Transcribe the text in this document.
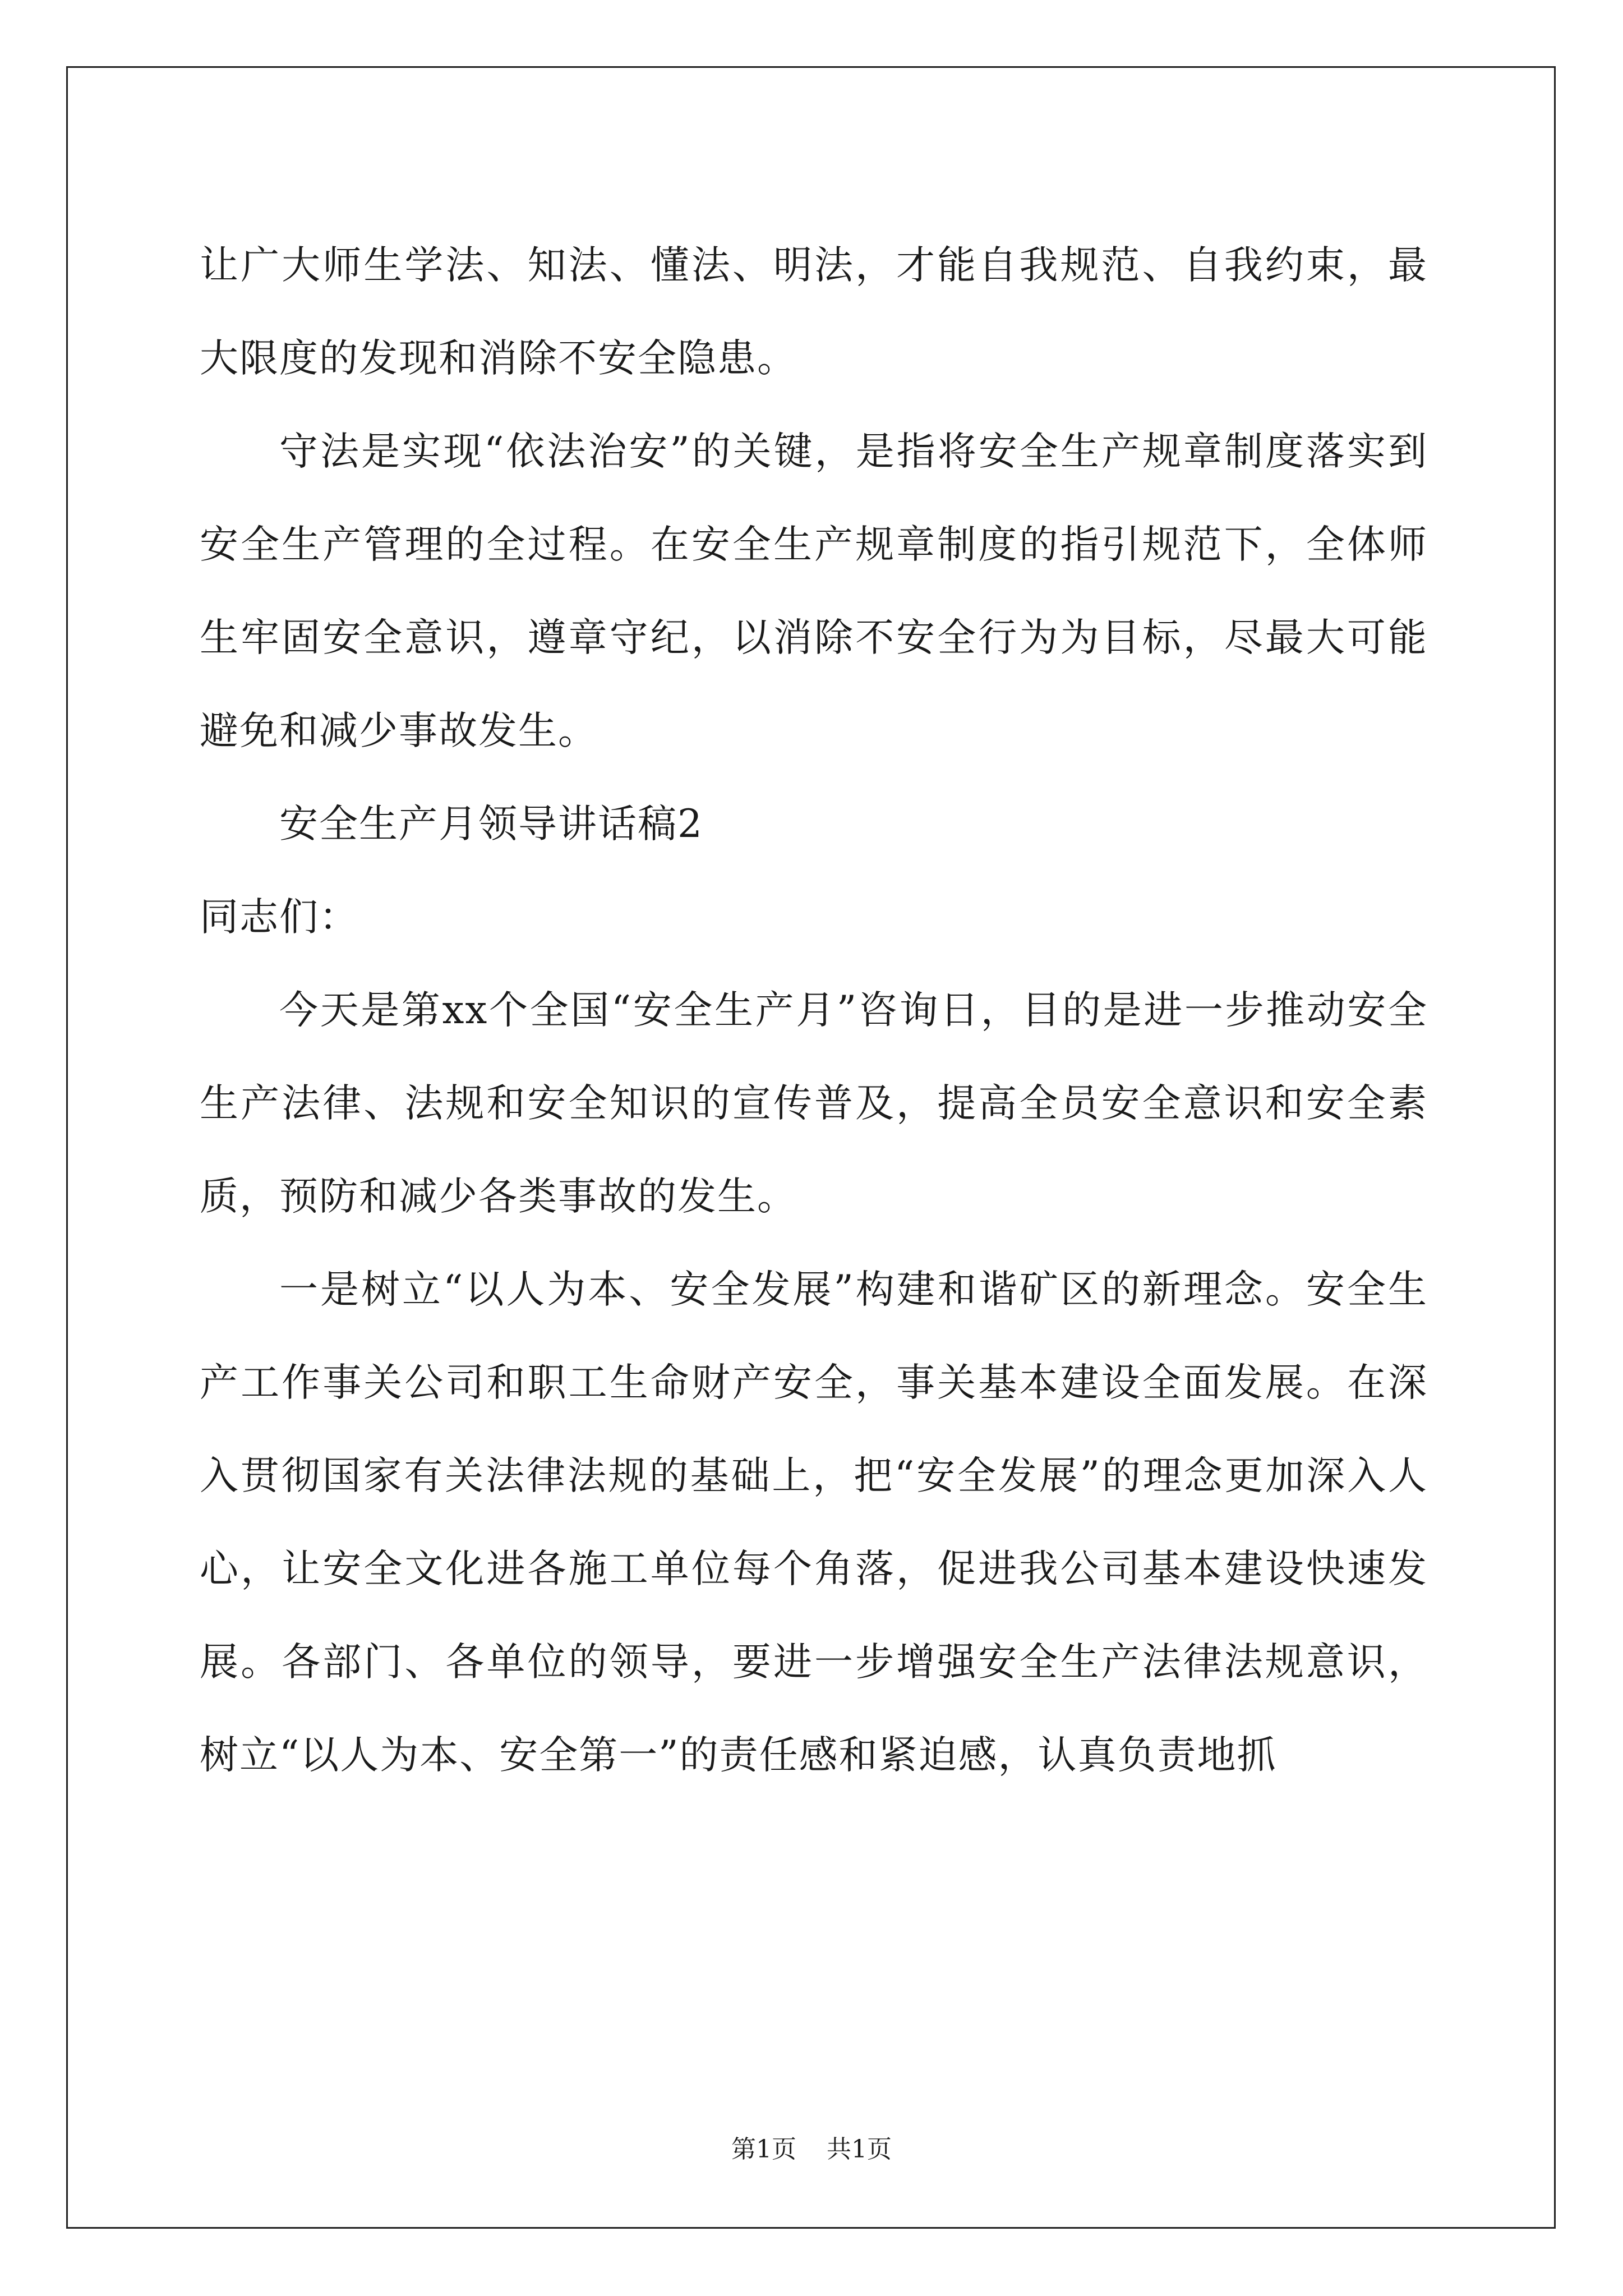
让广大师生学法、知法、懂法、明法，才能自我规范、自我约束，最大限度的发现和消除不安全隐患。

守法是实现“依法治安”的关键，是指将安全生产规章制度落实到安全生产管理的全过程。在安全生产规章制度的指引规范下，全体师生牢固安全意识，遵章守纪，以消除不安全行为为目标，尽最大可能避免和减少事故发生。

安全生产月领导讲话稿2

同志们：

今天是第xx个全国“安全生产月”咨询日，目的是进一步推动安全生产法律、法规和安全知识的宣传普及，提高全员安全意识和安全素质，预防和减少各类事故的发生。

一是树立“以人为本、安全发展”构建和谐矿区的新理念。安全生产工作事关公司和职工生命财产安全，事关基本建设全面发展。在深入贯彻国家有关法律法规的基础上，把“安全发展”的理念更加深入人心，让安全文化进各施工单位每个角落，促进我公司基本建设快速发展。各部门、各单位的领导，要进一步增强安全生产法律法规意识，树立“以人为本、安全第一”的责任感和紧迫感，认真负责地抓

第1页 共1页
